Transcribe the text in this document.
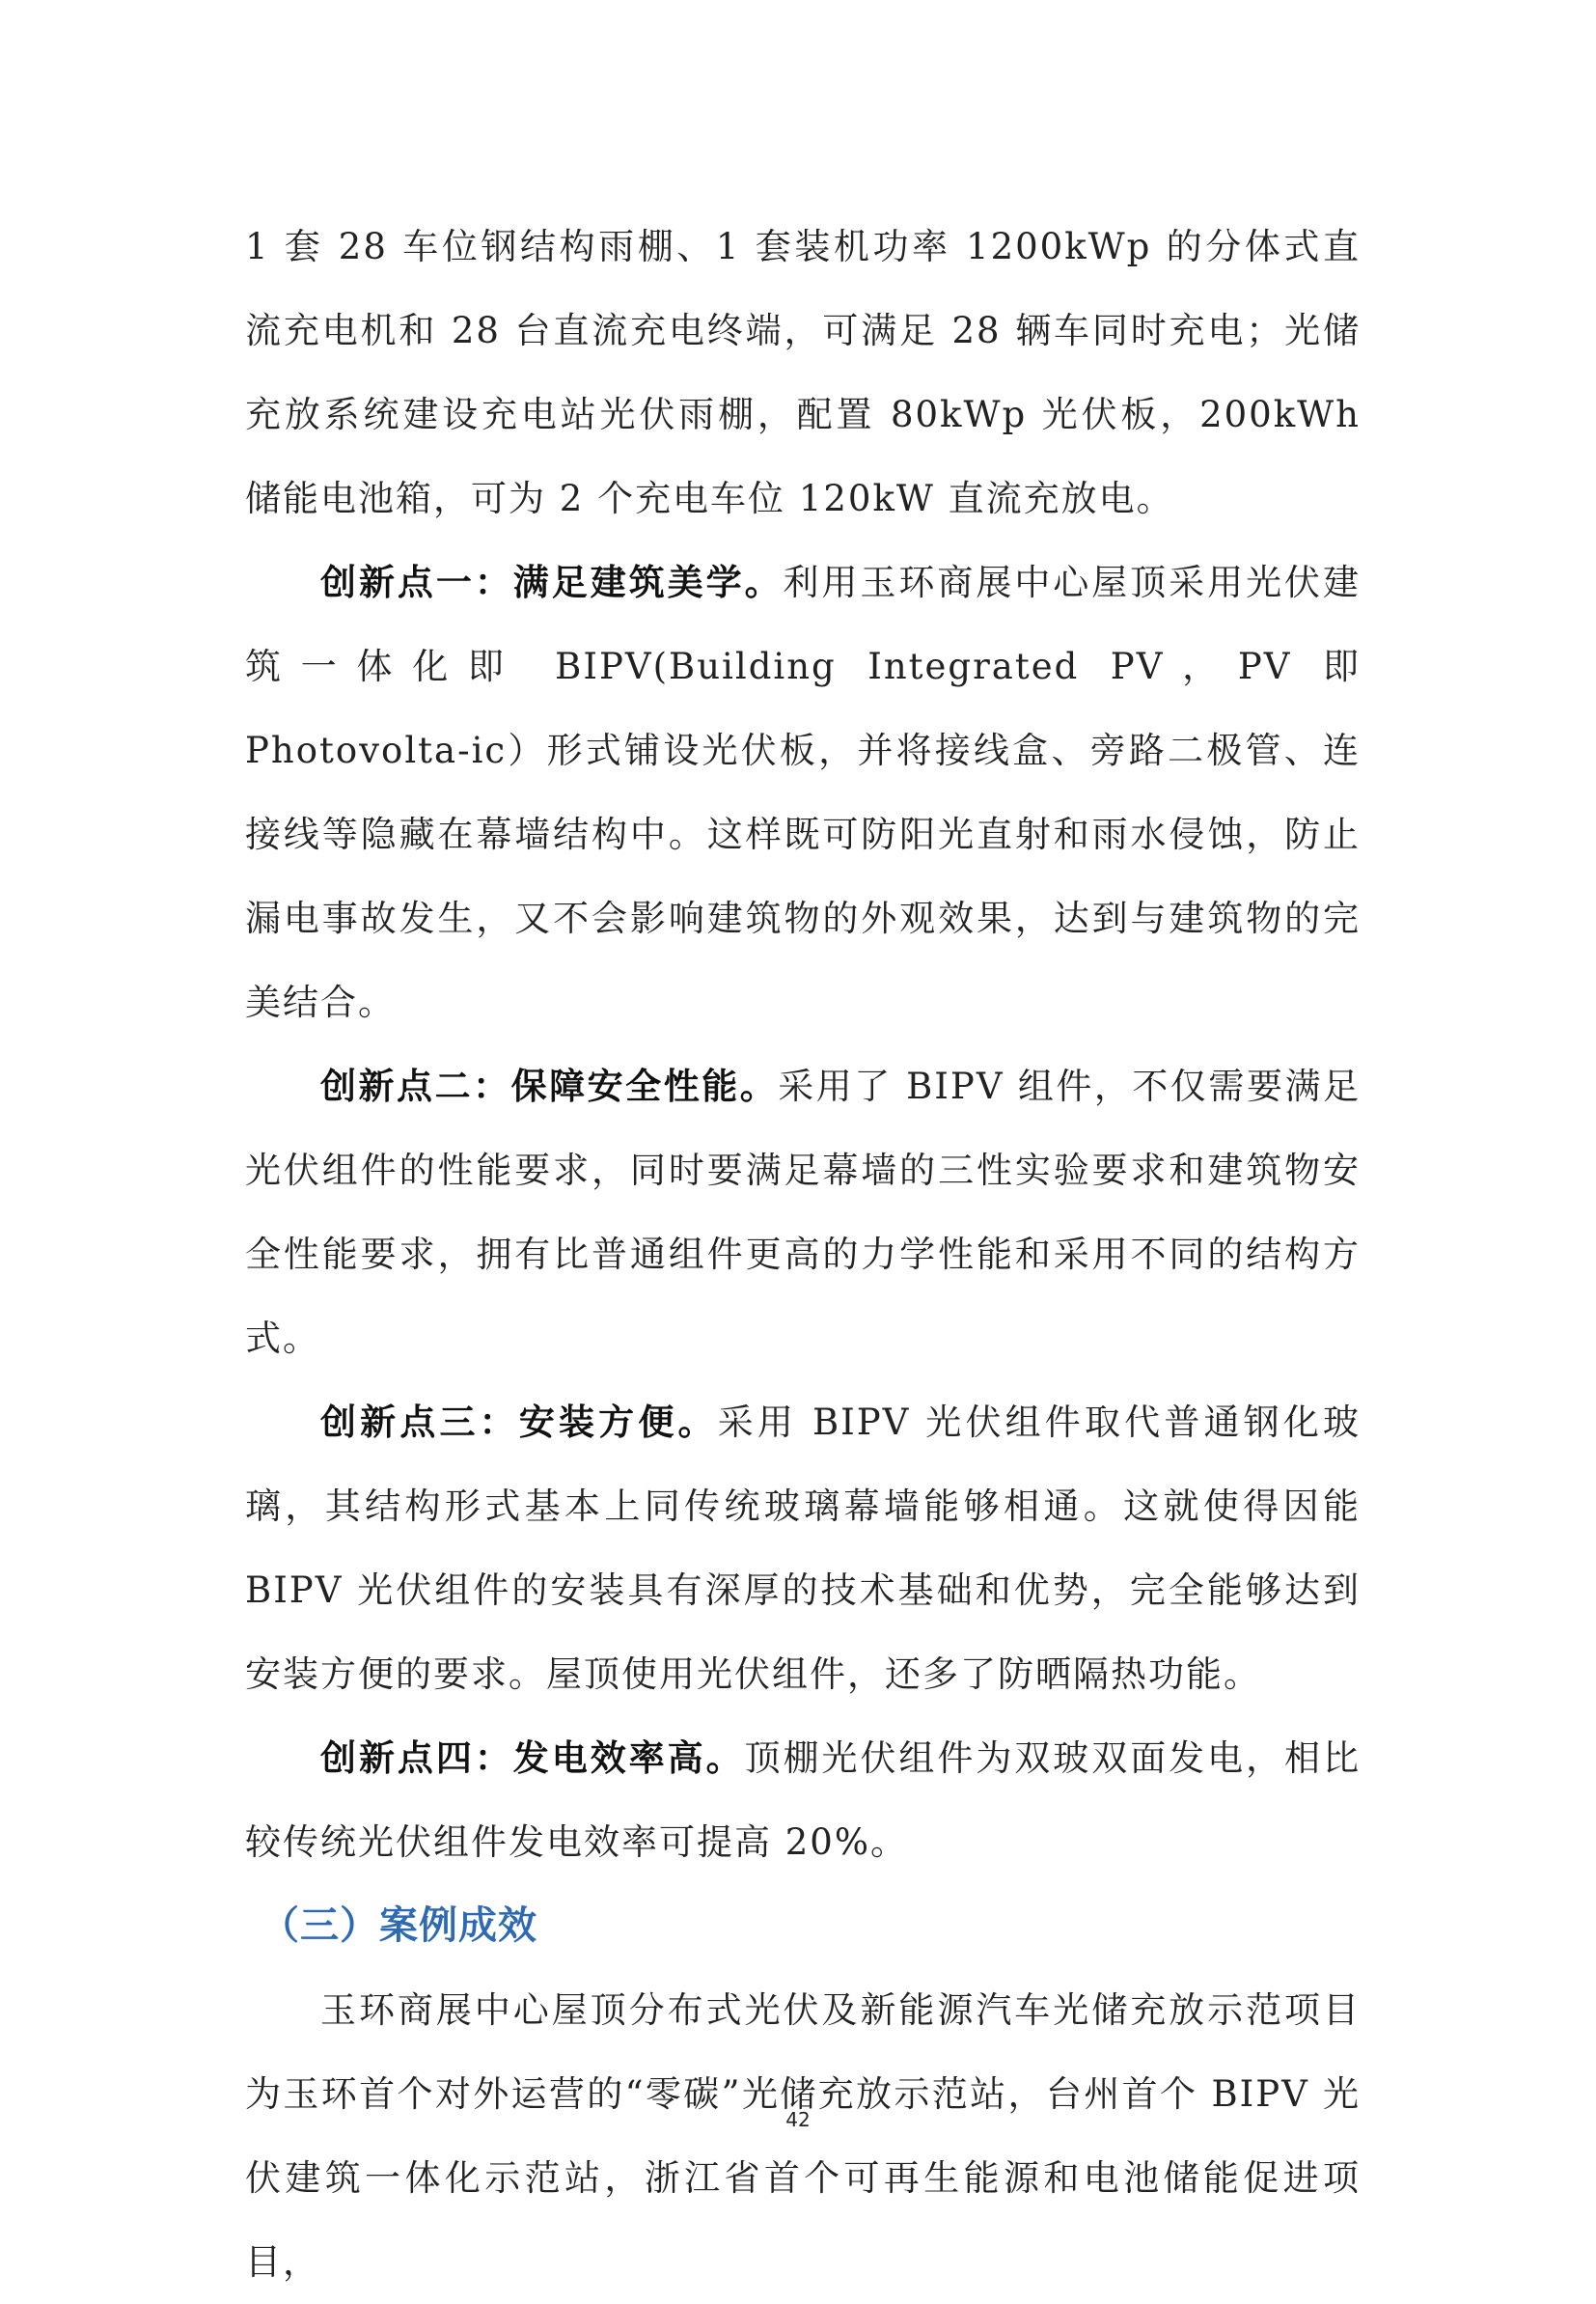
1 套 28 车位钢结构雨棚、1 套装机功率 1200kWp 的分体式直流充电机和 28 台直流充电终端，可满足 28 辆车同时充电；光储充放系统建设充电站光伏雨棚，配置 80kWp 光伏板，200kWh 储能电池箱，可为 2 个充电车位 120kW 直流充放电。

创新点一：满足建筑美学。利用玉环商展中心屋顶采用光伏建筑一体化即 BIPV(Building Integrated PV，PV 即 Photovolta-ic）形式铺设光伏板，并将接线盒、旁路二极管、连接线等隐藏在幕墙结构中。这样既可防阳光直射和雨水侵蚀，防止漏电事故发生，又不会影响建筑物的外观效果，达到与建筑物的完美结合。

创新点二：保障安全性能。采用了 BIPV 组件，不仅需要满足光伏组件的性能要求，同时要满足幕墙的三性实验要求和建筑物安全性能要求，拥有比普通组件更高的力学性能和采用不同的结构方式。

创新点三：安装方便。采用 BIPV 光伏组件取代普通钢化玻璃，其结构形式基本上同传统玻璃幕墙能够相通。这就使得因能 BIPV 光伏组件的安装具有深厚的技术基础和优势，完全能够达到安装方便的要求。屋顶使用光伏组件，还多了防晒隔热功能。

创新点四：发电效率高。顶棚光伏组件为双玻双面发电，相比较传统光伏组件发电效率可提高 20%。

（三）案例成效

玉环商展中心屋顶分布式光伏及新能源汽车光储充放示范项目为玉环首个对外运营的“零碳”光储充放示范站，台州首个 BIPV 光伏建筑一体化示范站，浙江省首个可再生能源和电池储能促进项目，

42
